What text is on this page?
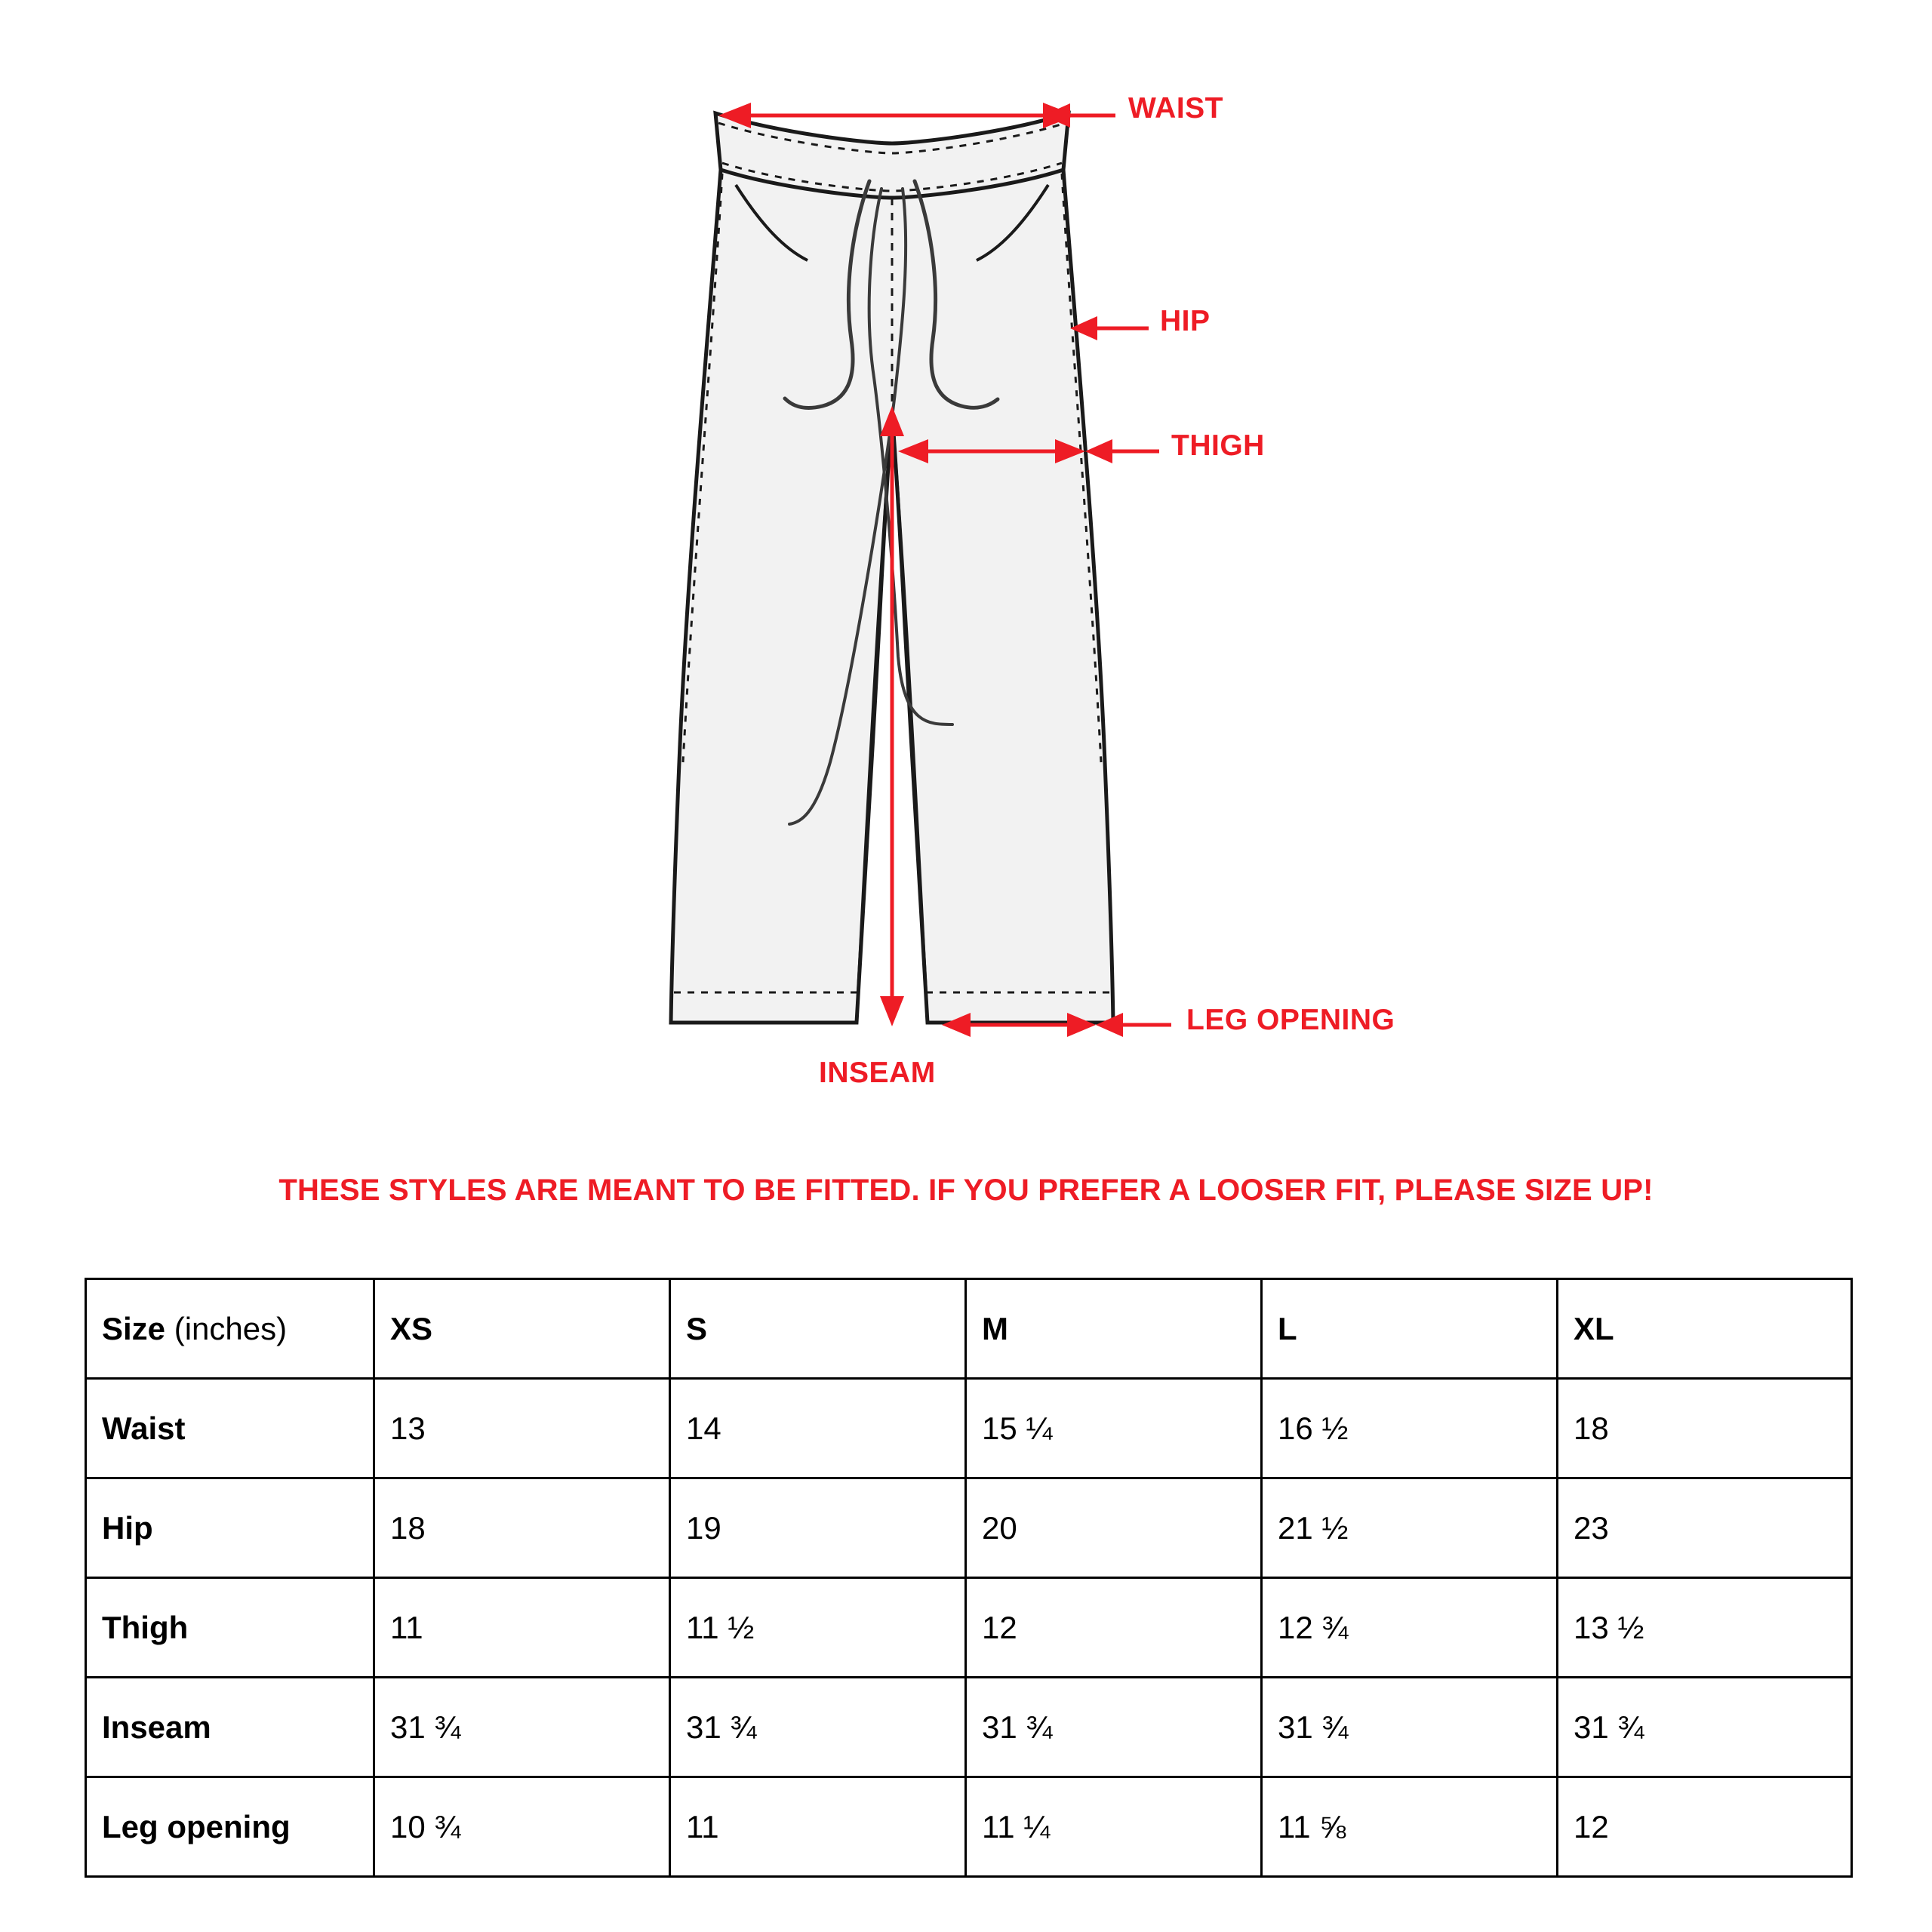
WAIST
HIP
THIGH
LEG OPENING
INSEAM
THESE STYLES ARE MEANT TO BE FITTED. IF YOU PREFER A LOOSER FIT, PLEASE SIZE UP!
Size (inches)	XS	S	M	L	XL
Waist	13	14	15 ¼	16 ½	18
Hip	18	19	20	21 ½	23
Thigh	11	11 ½	12	12 ¾	13 ½
Inseam	31 ¾	31 ¾	31 ¾	31 ¾	31 ¾
Leg opening	10 ¾	11	11 ¼	11 ⅝	12
